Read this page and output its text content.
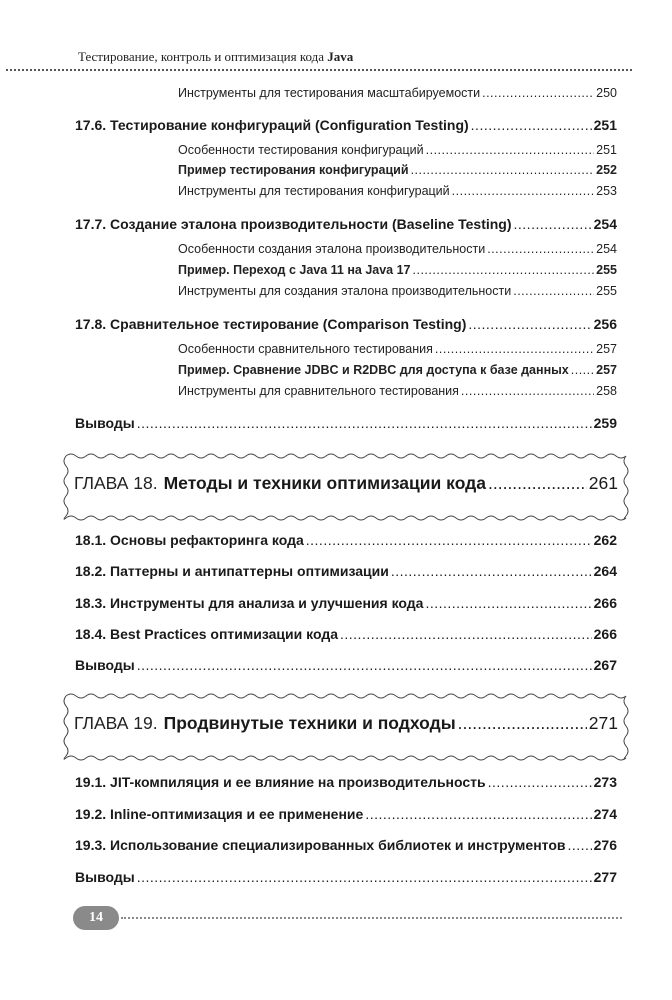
Тестирование, контроль и оптимизация кода Java
Инструменты для тестирования масштабируемости .....	250
17.6. Тестирование конфигураций (Configuration Testing) .....	251
Особенности тестирования конфигураций .....	251
Пример тестирования конфигураций .....	252
Инструменты для тестирования конфигураций .....	253
17.7. Создание эталона производительности (Baseline Testing) .....	254
Особенности создания эталона производительности .....	254
Пример. Переход с Java 11 на Java 17 .....	255
Инструменты для создания эталона производительности .....	255
17.8. Сравнительное тестирование (Comparison Testing) .....	256
Особенности сравнительного тестирования .....	257
Пример. Сравнение JDBC и R2DBC для доступа к базе данных ..... 257
Инструменты для сравнительного тестирования .....	258
Выводы .....	259
ГЛАВА 18. Методы и техники оптимизации кода .....	261
18.1. Основы рефакторинга кода .....	262
18.2. Паттерны и антипаттерны оптимизации .....	264
18.3. Инструменты для анализа и улучшения кода .....	266
18.4. Best Practices оптимизации кода .....	266
Выводы .....	267
ГЛАВА 19. Продвинутые техники и подходы .....	271
19.1. JIT-компиляция и ее влияние на производительность .....	273
19.2. Inline-оптимизация и ее применение .....	274
19.3. Использование специализированных библиотек и инструментов ..... 276
Выводы .....	277
14
